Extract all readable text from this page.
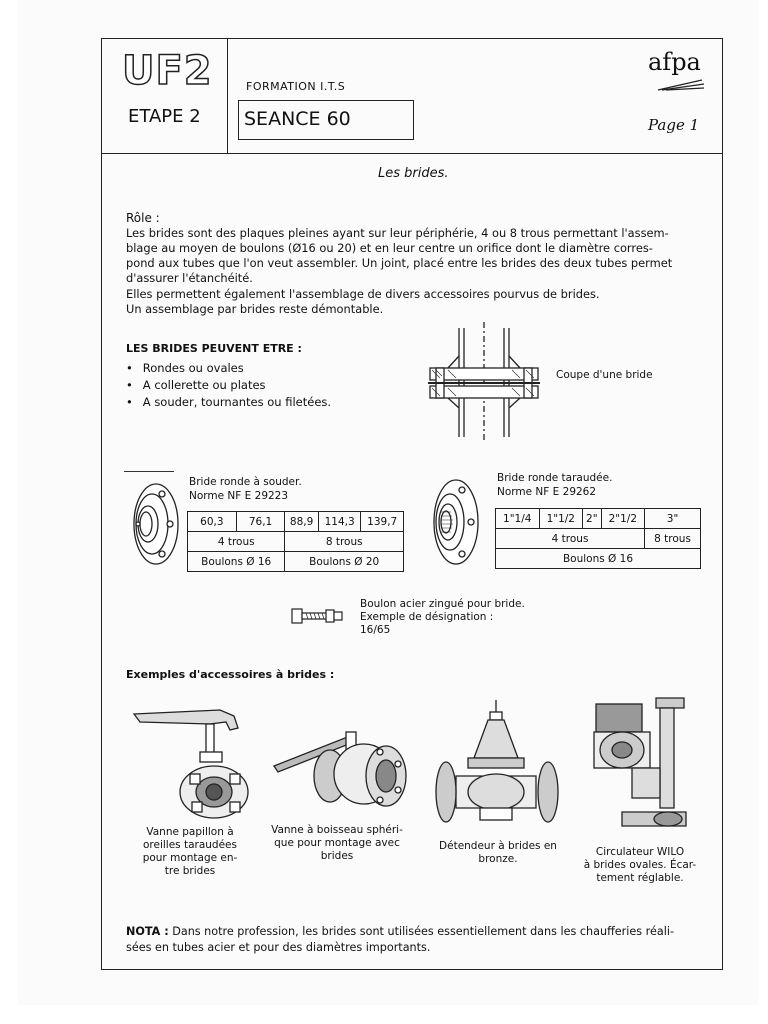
UF2
ETAPE 2
FORMATION I.T.S
SEANCE 60
afpa
Page 1
Les brides.
Rôle :
Les brides sont des plaques pleines ayant sur leur périphérie, 4 ou 8 trous permettant l'assem-
blage au moyen de boulons (Ø16 ou 20) et en leur centre un orifice dont le diamètre corres-
pond aux tubes que l'on veut assembler. Un joint, placé entre les brides des deux tubes permet
d'assurer l'étanchéité.
Elles permettent également l'assemblage de divers accessoires pourvus de brides.
Un assemblage par brides reste démontable.
LES BRIDES PEUVENT ETRE :
• Rondes ou ovales
• A collerette ou plates
• A souder, tournantes ou filetées.
Coupe d'une bride
Bride ronde à souder.
Norme NF E 29223
60,3	76,1	88,9	114,3	139,7
4 trous		8 trous		
Boulons Ø 16		Boulons Ø 20		
Bride ronde taraudée.
Norme NF E 29262
1"1/4	1"1/2	2"	2"1/2	3"
4 trous				8 trous
Boulons Ø 16				
Boulon acier zingué pour bride.
Exemple de désignation :
16/65
Exemples d'accessoires à brides :
Vanne papillon à
oreilles taraudées
pour montage en-
tre brides
Vanne à boisseau sphéri-
que pour montage avec
brides
Détendeur à brides en
bronze.
Circulateur WILO
à brides ovales. Écar-
tement réglable.
NOTA : Dans notre profession, les brides sont utilisées essentiellement dans les chaufferies réali-
sées en tubes acier et pour des diamètres importants.
